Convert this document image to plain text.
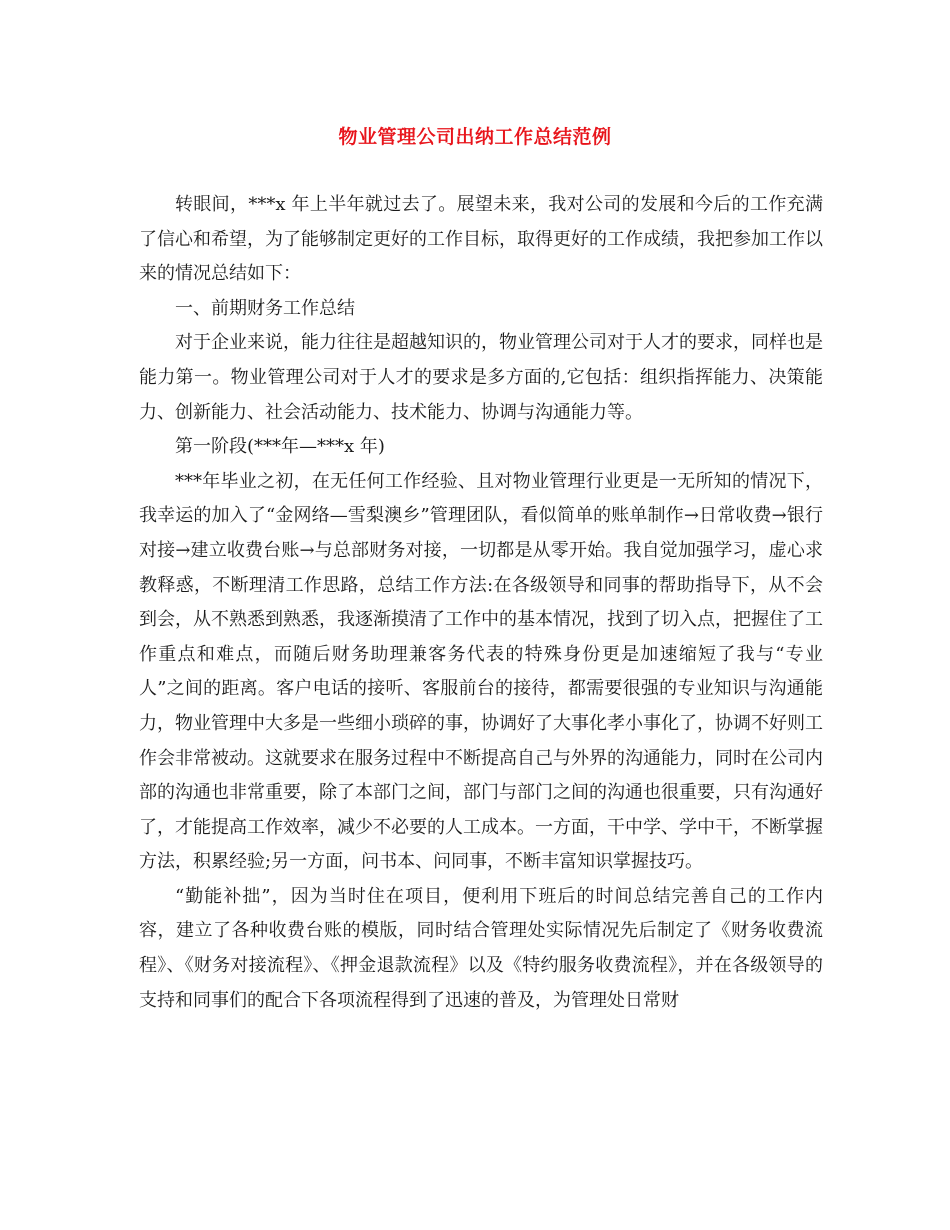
物业管理公司出纳工作总结范例

转眼间，***x 年上半年就过去了。展望未来，我对公司的发展和今后的工作充满了信心和希望，为了能够制定更好的工作目标，取得更好的工作成绩，我把参加工作以来的情况总结如下：

一、前期财务工作总结

对于企业来说，能力往往是超越知识的，物业管理公司对于人才的要求，同样也是能力第一。物业管理公司对于人才的要求是多方面的,它包括：组织指挥能力、决策能力、创新能力、社会活动能力、技术能力、协调与沟通能力等。

第一阶段(***年—***x 年)

***年毕业之初，在无任何工作经验、且对物业管理行业更是一无所知的情况下，我幸运的加入了“金网络—雪梨澳乡”管理团队，看似简单的账单制作→日常收费→银行对接→建立收费台账→与总部财务对接，一切都是从零开始。我自觉加强学习，虚心求教释惑，不断理清工作思路，总结工作方法:在各级领导和同事的帮助指导下，从不会到会，从不熟悉到熟悉，我逐渐摸清了工作中的基本情况，找到了切入点，把握住了工作重点和难点，而随后财务助理兼客务代表的特殊身份更是加速缩短了我与“专业人”之间的距离。客户电话的接听、客服前台的接待，都需要很强的专业知识与沟通能力，物业管理中大多是一些细小琐碎的事，协调好了大事化孝小事化了，协调不好则工作会非常被动。这就要求在服务过程中不断提高自己与外界的沟通能力，同时在公司内部的沟通也非常重要，除了本部门之间，部门与部门之间的沟通也很重要，只有沟通好了，才能提高工作效率，减少不必要的人工成本。一方面，干中学、学中干，不断掌握方法，积累经验;另一方面，问书本、问同事，不断丰富知识掌握技巧。

“勤能补拙”，因为当时住在项目，便利用下班后的时间总结完善自己的工作内容，建立了各种收费台账的模版，同时结合管理处实际情况先后制定了《财务收费流程》、《财务对接流程》、《押金退款流程》以及《特约服务收费流程》，并在各级领导的支持和同事们的配合下各项流程得到了迅速的普及，为管理处日常财
